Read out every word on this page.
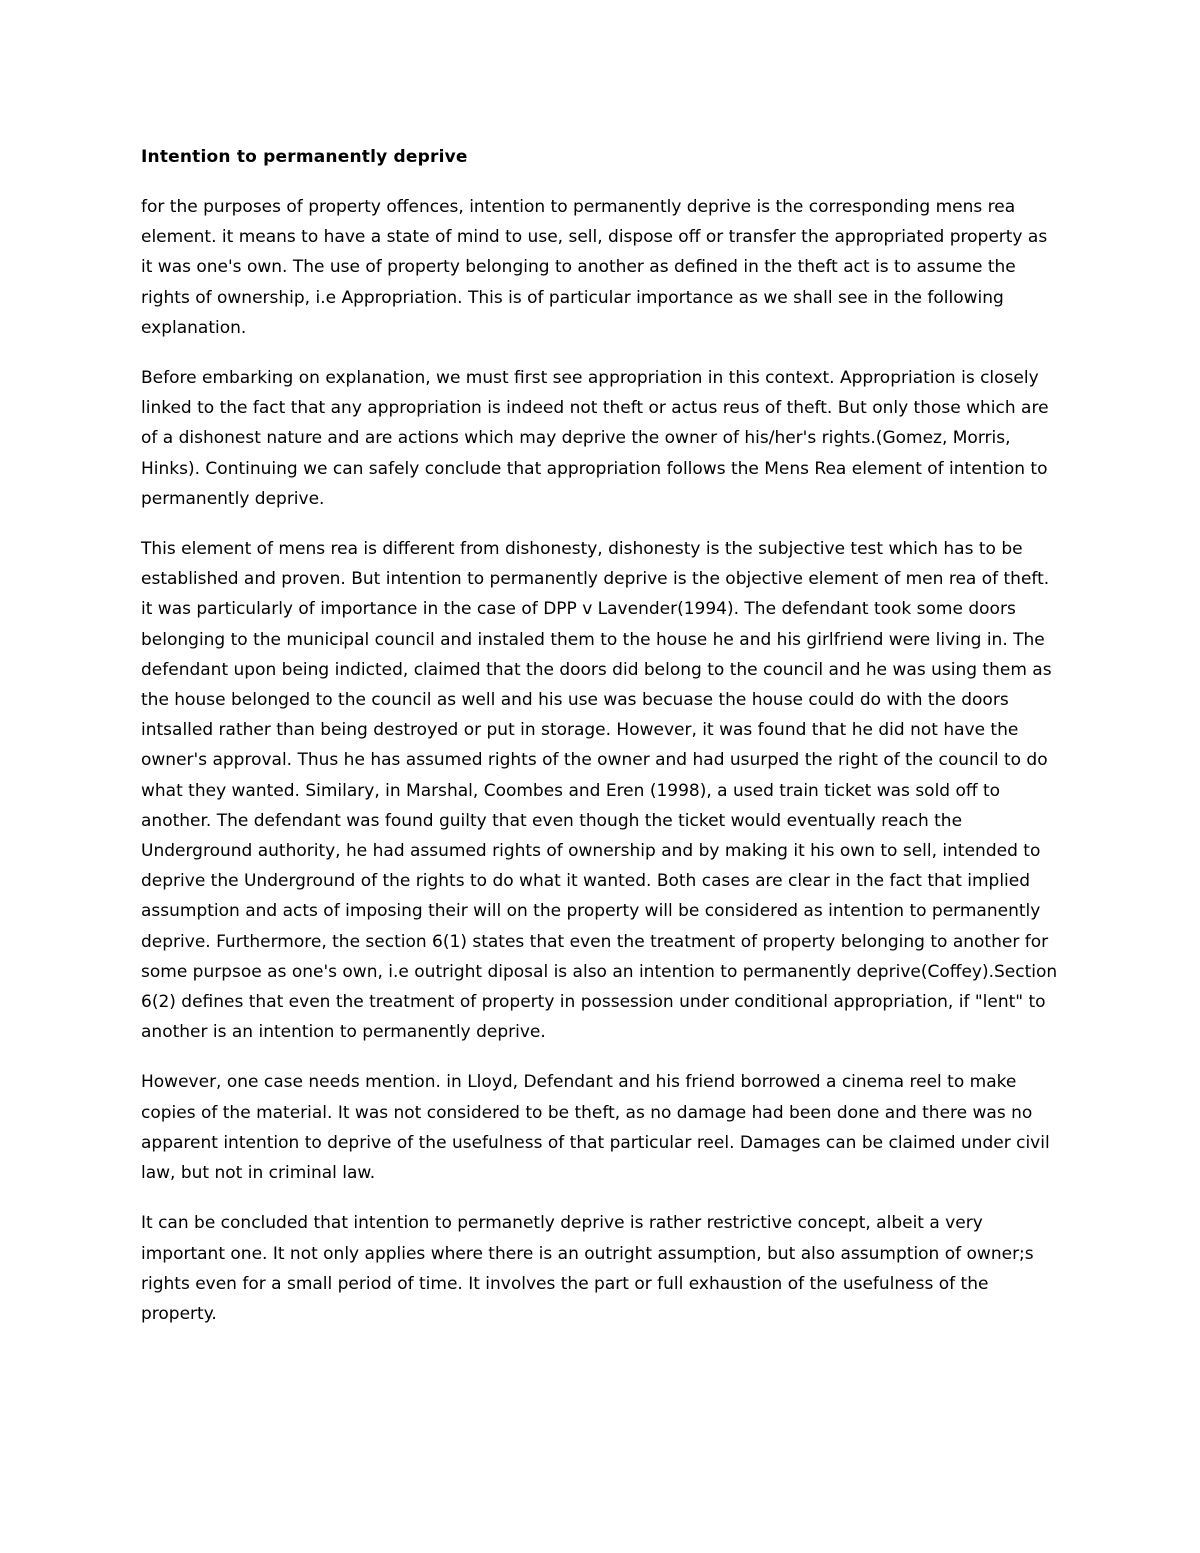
Intention to permanently deprive

for the purposes of property offences, intention to permanently deprive is the corresponding mens rea element. it means to have a state of mind to use, sell, dispose off or transfer the appropriated property as it was one's own. The use of property belonging to another as defined in the theft act is to assume the rights of ownership, i.e Appropriation. This is of particular importance as we shall see in the following explanation.

Before embarking on explanation, we must first see appropriation in this context. Appropriation is closely linked to the fact that any appropriation is indeed not theft or actus reus of theft. But only those which are of a dishonest nature and are actions which may deprive the owner of his/her's rights.(Gomez, Morris, Hinks). Continuing we can safely conclude that appropriation follows the Mens Rea element of intention to permanently deprive.

This element of mens rea is different from dishonesty, dishonesty is the subjective test which has to be established and proven. But intention to permanently deprive is the objective element of men rea of theft. it was particularly of importance in the case of DPP v Lavender(1994). The defendant took some doors belonging to the municipal council and instaled them to the house he and his girlfriend were living in. The defendant upon being indicted, claimed that the doors did belong to the council and he was using them as the house belonged to the council as well and his use was becuase the house could do with the doors intsalled rather than being destroyed or put in storage. However, it was found that he did not have the owner's approval. Thus he has assumed rights of the owner and had usurped the right of the council to do what they wanted. Similary, in Marshal, Coombes and Eren (1998), a used train ticket was sold off to another. The defendant was found guilty that even though the ticket would eventually reach the Underground authority, he had assumed rights of ownership and by making it his own to sell, intended to deprive the Underground of the rights to do what it wanted. Both cases are clear in the fact that implied assumption and acts of imposing their will on the property will be considered as intention to permanently deprive. Furthermore, the section 6(1) states that even the treatment of property belonging to another for some purpsoe as one's own, i.e outright diposal is also an intention to permanently deprive(Coffey).Section 6(2) defines that even the treatment of property in possession under conditional appropriation, if "lent" to another is an intention to permanently deprive.

However, one case needs mention. in Lloyd, Defendant and his friend borrowed a cinema reel to make copies of the material. It was not considered to be theft, as no damage had been done and there was no apparent intention to deprive of the usefulness of that particular reel. Damages can be claimed under civil law, but not in criminal law.

It can be concluded that intention to permanetly deprive is rather restrictive concept, albeit a very important one. It not only applies where there is an outright assumption, but also assumption of owner;s rights even for a small period of time. It involves the part or full exhaustion of the usefulness of the property.
